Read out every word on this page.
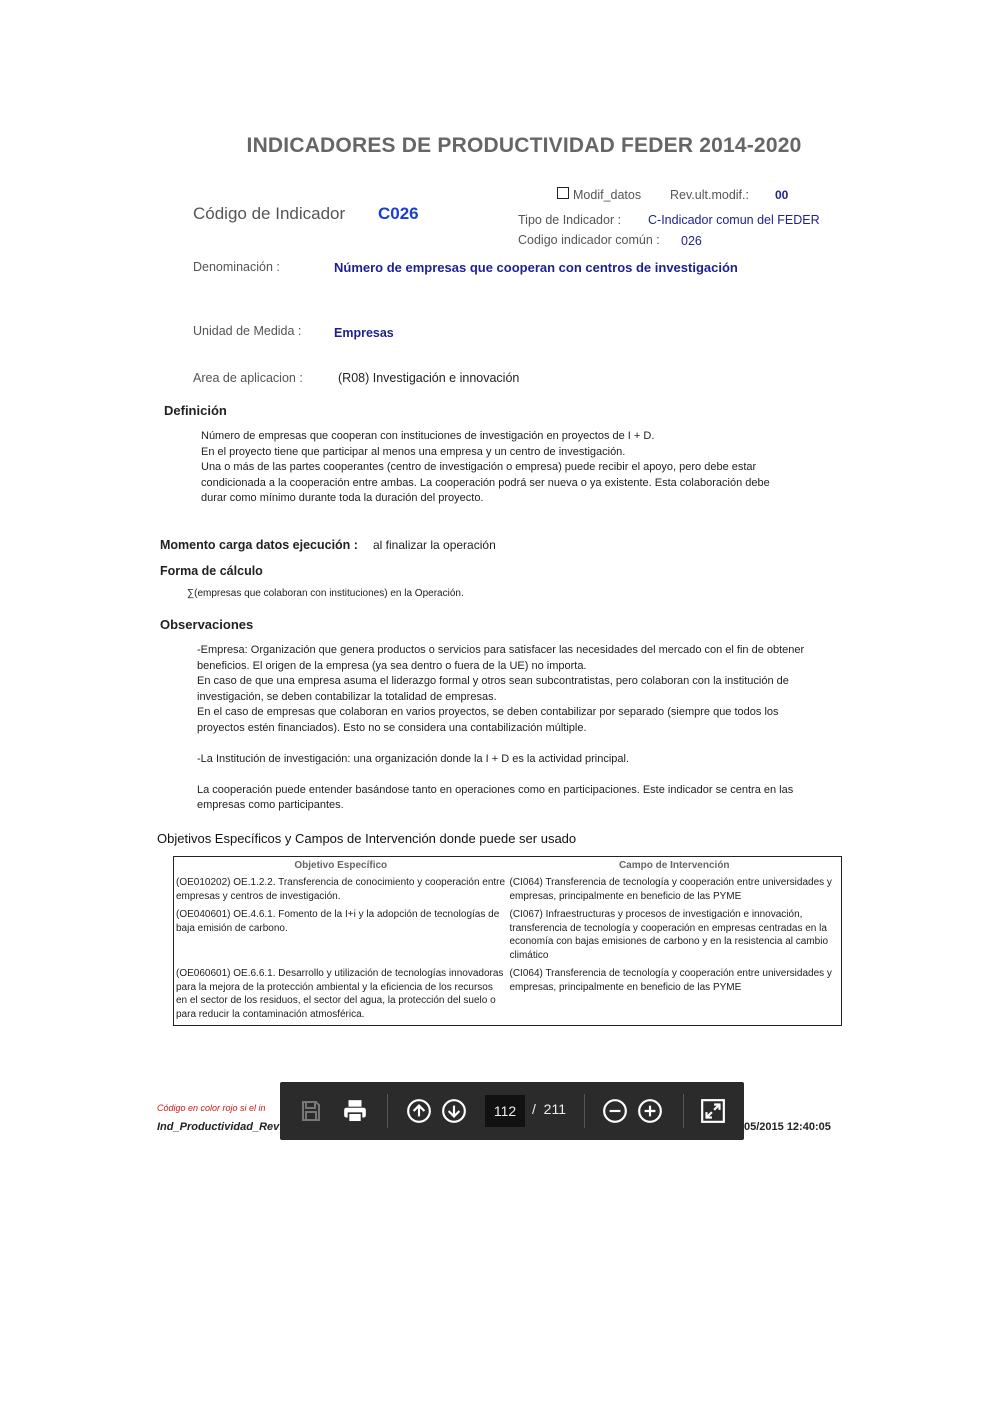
INDICADORES DE PRODUCTIVIDAD FEDER 2014-2020
Código de Indicador C026
Modif_datos Rev.ult.modif.: 00
Tipo de Indicador : C-Indicador comun del FEDER
Codigo indicador común : 026
Denominación :	Número de empresas que cooperan con centros de investigación
Unidad de Medida :	Empresas
Area de aplicacion :	(R08) Investigación e innovación
Definición
Número de empresas que cooperan con instituciones de investigación en proyectos de I + D.
En el proyecto tiene que participar al menos una empresa y un centro de investigación.
Una o más de las partes cooperantes (centro de investigación o empresa) puede recibir el apoyo, pero debe estar
condicionada a la cooperación entre ambas. La cooperación podrá ser nueva o ya existente. Esta colaboración debe
durar como mínimo durante toda la duración del proyecto.
Momento carga datos ejecución : al finalizar la operación
Forma de cálculo
∑(empresas que colaboran con instituciones) en la Operación.
Observaciones
-Empresa: Organización que genera productos o servicios para satisfacer las necesidades del mercado con el fin de obtener
beneficios. El origen de la empresa (ya sea dentro o fuera de la UE) no importa.
En caso de que una empresa asuma el liderazgo formal y otros sean subcontratistas, pero colaboran con la institución de
investigación, se deben contabilizar la totalidad de empresas.
En el caso de empresas que colaboran en varios proyectos, se deben contabilizar por separado (siempre que todos los
proyectos estén financiados). Esto no se considera una contabilización múltiple.
-La Institución de investigación: una organización donde la I + D es la actividad principal.
La cooperación puede entender basándose tanto en operaciones como en participaciones. Este indicador se centra en las
empresas como participantes.
Objetivos Específicos y Campos de Intervención donde puede ser usado
Objetivo Específico	Campo de Intervención
(OE010202) OE.1.2.2. Transferencia de conocimiento y cooperación entre empresas y centros de investigación.	(CI064) Transferencia de tecnología y cooperación entre universidades y empresas, principalmente en beneficio de las PYME
(OE040601) OE.4.6.1. Fomento de la I+i y la adopción de tecnologías de baja emisión de carbono.	(CI067) Infraestructuras y procesos de investigación e innovación, transferencia de tecnología y cooperación en empresas centradas en la economía con bajas emisiones de carbono y en la resistencia al cambio climático
(OE060601) OE.6.6.1. Desarrollo y utilización de tecnologías innovadoras para la mejora de la protección ambiental y la eficiencia de los recursos en el sector de los residuos, el sector del agua, la protección del suelo o para reducir la contaminación atmosférica.	(CI064) Transferencia de tecnología y cooperación entre universidades y empresas, principalmente en beneficio de las PYME
Código en color rojo si el in
Ind_Productividad_Rev	05/2015 12:40:05
112	/ 211
